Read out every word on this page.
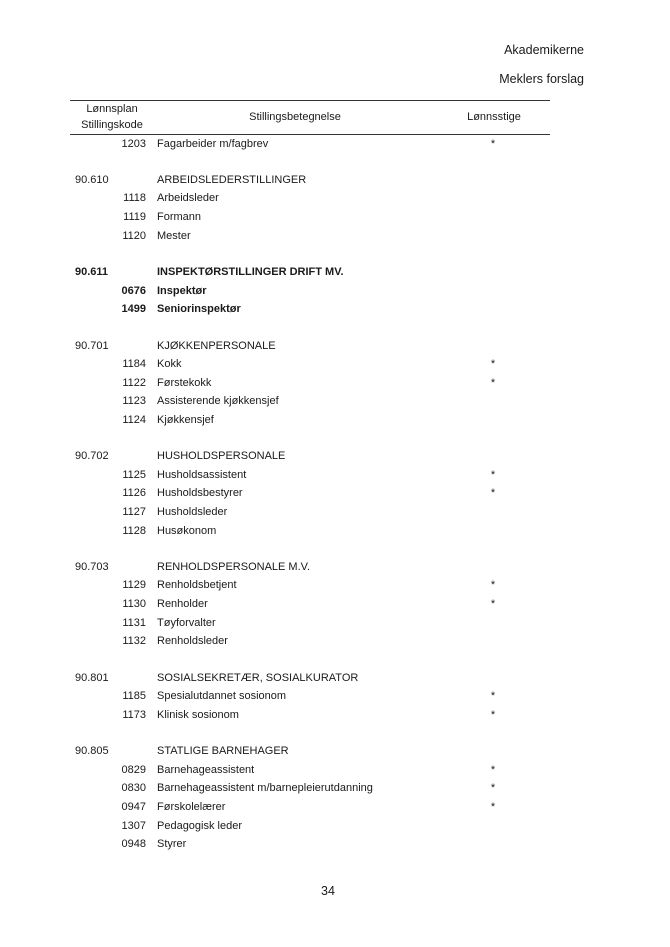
Akademikerne
Meklers forslag
Lønnsplan
Stillingskode
Stillingsbetegnelse	Lønnsstige
1203 Fagarbeider m/fagbrev	*
90.610	ARBEIDSLEDERSTILLINGER
1118 Arbeidsleder
1119 Formann
1120 Mester
90.611	INSPEKTØRSTILLINGER DRIFT MV.
0676 Inspektør
1499 Seniorinspektør
90.701	KJØKKENPERSONALE
1184 Kokk	*
1122 Førstekokk	*
1123 Assisterende kjøkkensjef
1124 Kjøkkensjef
90.702	HUSHOLDSPERSONALE
1125 Husholdsassistent	*
1126 Husholdsbestyrer	*
1127 Husholdsleder
1128 Husøkonom
90.703	RENHOLDSPERSONALE M.V.
1129 Renholdsbetjent	*
1130 Renholder	*
1131 Tøyforvalter
1132 Renholdsleder
90.801	SOSIALSEKRETÆR, SOSIALKURATOR
1185 Spesialutdannet sosionom	*
1173 Klinisk sosionom	*
90.805	STATLIGE BARNEHAGER
0829 Barnehageassistent	*
0830 Barnehageassistent m/barnepleierutdanning	*
0947 Førskolelærer	*
1307 Pedagogisk leder
0948 Styrer
34
